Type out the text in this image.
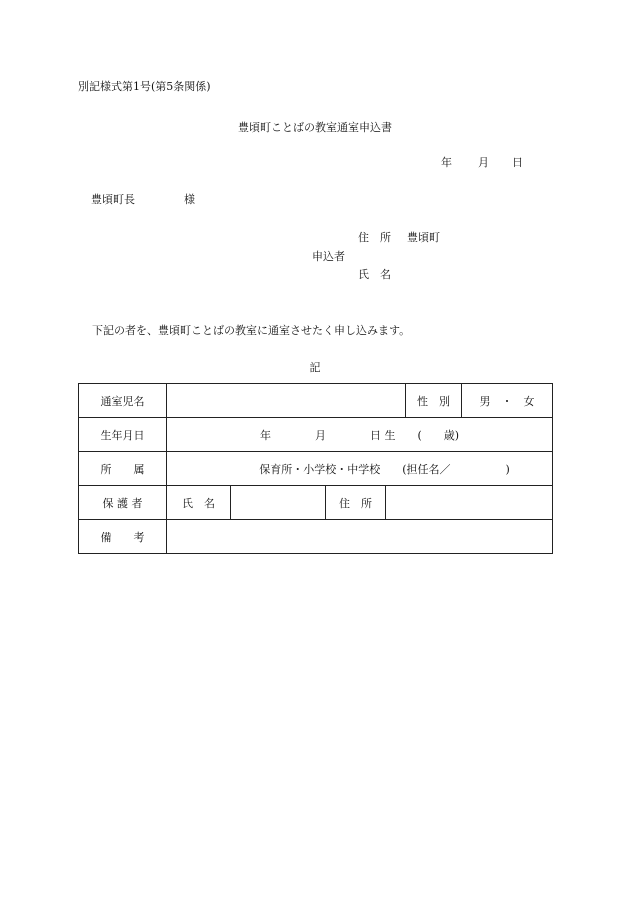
別記様式第1号(第5条関係)
豊頃町ことばの教室通室申込書
年 月 日
豊頃町長	様
住　所 豊頃町
申込者
氏　名
下記の者を、豊頃町ことばの教室に通室させたく申し込みます。
記
通室児名					性　別	男　・　女
生年月日	年　　　　月　　　　日 生　　(　　歳)					
所　　属	保育所・小学校・中学校　　(担任名／　　　　　)					
保 護 者	氏　名		住　所			
備　　考						
